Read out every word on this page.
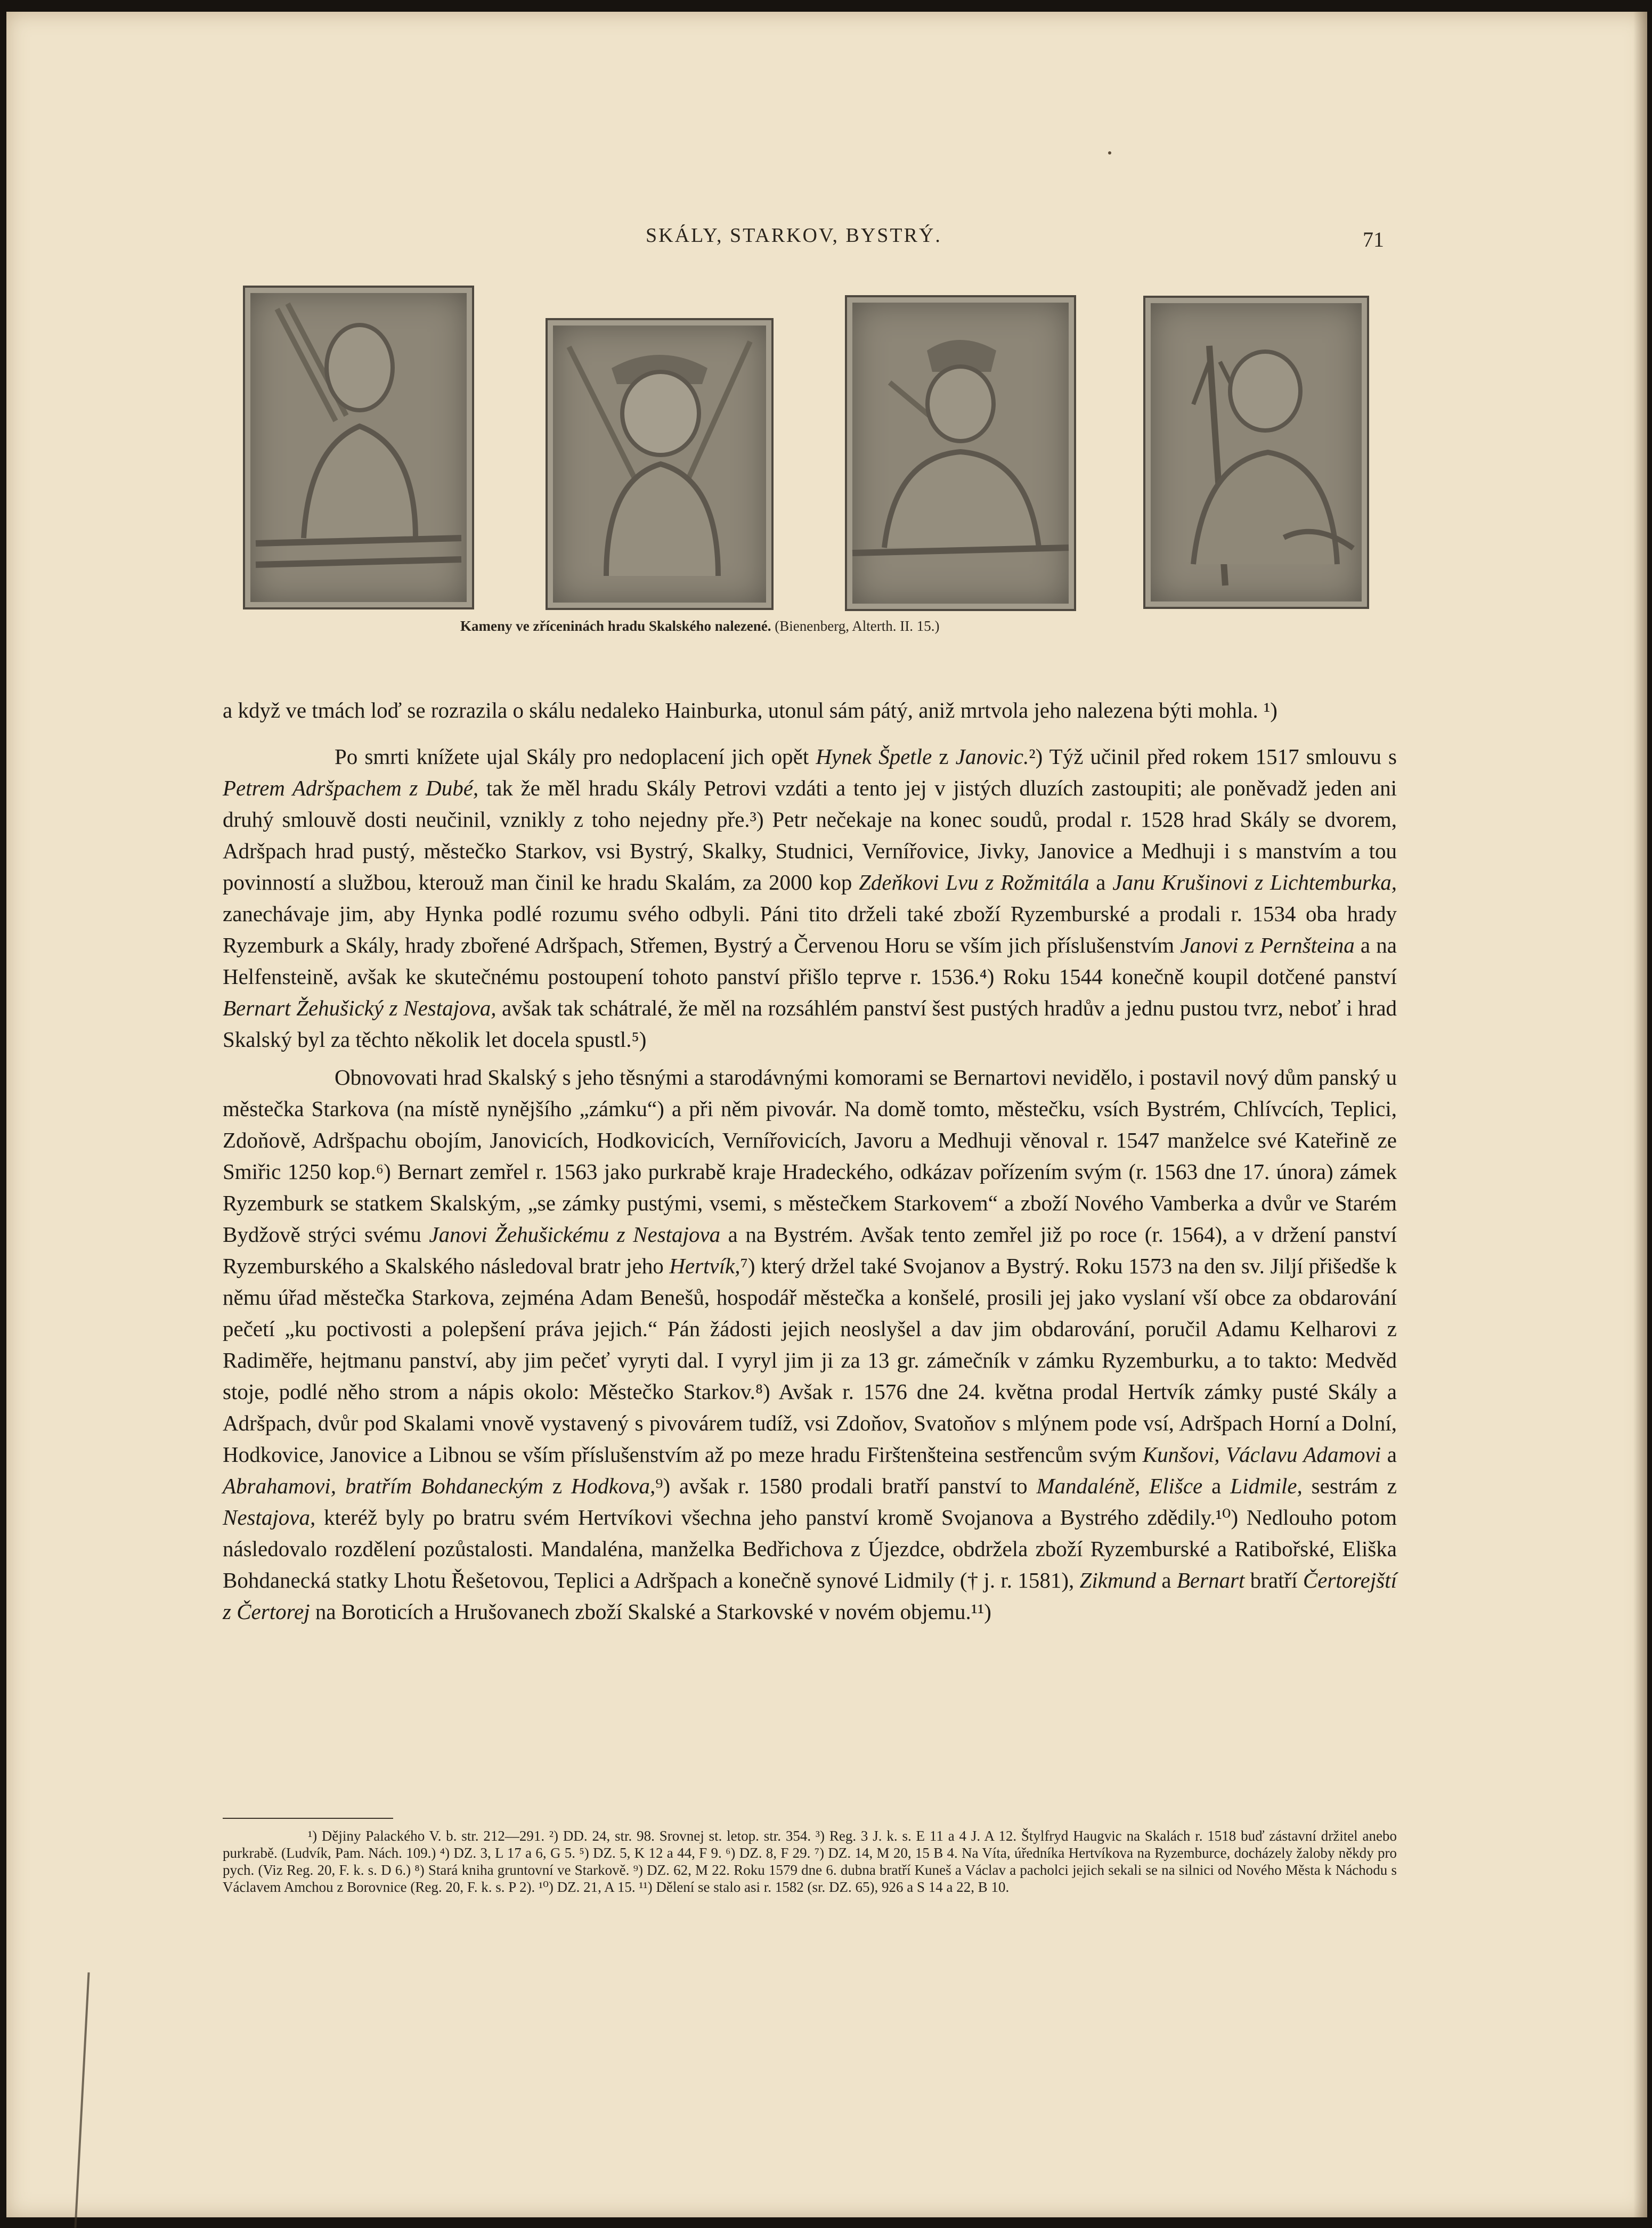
SKÁLY, STARKOV, BYSTRÝ.	71
Kameny ve zříceninách hradu Skalského nalezené. (Bienenberg, Alterth. II. 15.)

a když ve tmách loď se rozrazila o skálu nedaleko Hainburka, utonul sám pátý, aniž mrtvola jeho nalezena býti mohla. ¹)

Po smrti knížete ujal Skály pro nedoplacení jich opět Hynek Špetle z Janovic.²) Týž učinil před rokem 1517 smlouvu s Petrem Adršpachem z Dubé, tak že měl hradu Skály Petrovi vzdáti a tento jej v jistých dluzích zastoupiti; ale poněvadž jeden ani druhý smlouvě dosti neučinil, vznikly z toho nejedny pře.³) Petr nečekaje na konec soudů, prodal r. 1528 hrad Skály se dvorem, Adršpach hrad pustý, městečko Starkov, vsi Bystrý, Skalky, Studnici, Vernířovice, Jivky, Janovice a Medhuji i s manstvím a tou povinností a službou, kterouž man činil ke hradu Skalám, za 2000 kop Zdeňkovi Lvu z Rožmitála a Janu Krušinovi z Lichtemburka, zanechávaje jim, aby Hynka podlé rozumu svého odbyli. Páni tito drželi také zboží Ryzemburské a prodali r. 1534 oba hrady Ryzemburk a Skály, hrady zbořené Adršpach, Střemen, Bystrý a Červenou Horu se vším jich příslušenstvím Janovi z Pernšteina a na Helfensteině, avšak ke skutečnému postoupení tohoto panství přišlo teprve r. 1536.⁴) Roku 1544 konečně koupil dotčené panství Bernart Žehušický z Nestajova, avšak tak schátralé, že měl na rozsáhlém panství šest pustých hradův a jednu pustou tvrz, neboť i hrad Skalský byl za těchto několik let docela spustl.⁵)

Obnovovati hrad Skalský s jeho těsnými a starodávnými komorami se Bernartovi nevidělo, i postavil nový dům panský u městečka Starkova (na místě nynějšího „zámku“) a při něm pivovár. Na domě tomto, městečku, vsích Bystrém, Chlívcích, Teplici, Zdoňově, Adršpachu obojím, Janovicích, Hodkovicích, Vernířovicích, Javoru a Medhuji věnoval r. 1547 manželce své Kateřině ze Smiřic 1250 kop.⁶) Bernart zemřel r. 1563 jako purkrabě kraje Hradeckého, odkázav pořízením svým (r. 1563 dne 17. února) zámek Ryzemburk se statkem Skalským, „se zámky pustými, vsemi, s městečkem Starkovem“ a zboží Nového Vamberka a dvůr ve Starém Bydžově strýci svému Janovi Žehušickému z Nestajova a na Bystrém. Avšak tento zemřel již po roce (r. 1564), a v držení panství Ryzemburského a Skalského následoval bratr jeho Hertvík,⁷) který držel také Svojanov a Bystrý. Roku 1573 na den sv. Jiljí přišedše k němu úřad městečka Starkova, zejména Adam Benešů, hospodář městečka a konšelé, prosili jej jako vyslaní vší obce za obdarování pečetí „ku poctivosti a polepšení práva jejich.“ Pán žádosti jejich neoslyšel a dav jim obdarování, poručil Adamu Kelharovi z Radiměře, hejtmanu panství, aby jim pečeť vyryti dal. I vyryl jim ji za 13 gr. zámečník v zámku Ryzemburku, a to takto: Medvěd stoje, podlé něho strom a nápis okolo: Městečko Starkov.⁸) Avšak r. 1576 dne 24. května prodal Hertvík zámky pusté Skály a Adršpach, dvůr pod Skalami vnově vystavený s pivovárem tudíž, vsi Zdoňov, Svatoňov s mlýnem pode vsí, Adršpach Horní a Dolní, Hodkovice, Janovice a Libnou se vším příslušenstvím až po meze hradu Firštenšteina sestřencům svým Kunšovi, Václavu Adamovi a Abrahamovi, bratřím Bohdaneckým z Hodkova,⁹) avšak r. 1580 prodali bratří panství to Mandaléně, Elišce a Lidmile, sestrám z Nestajova, kteréž byly po bratru svém Hertvíkovi všechna jeho panství kromě Svojanova a Bystrého zdědily.¹⁰) Nedlouho potom následovalo rozdělení pozůstalosti. Mandaléna, manželka Bedřichova z Újezdce, obdržela zboží Ryzemburské a Ratibořské, Eliška Bohdanecká statky Lhotu Řešetovou, Teplici a Adršpach a konečně synové Lidmily († j. r. 1581), Zikmund a Bernart bratří Čertorejští z Čertorej na Boroticích a Hrušovanech zboží Skalské a Starkovské v novém objemu.¹¹)

¹) Dějiny Palackého V. b. str. 212—291. ²) DD. 24, str. 98. Srovnej st. letop. str. 354. ³) Reg. 3 J. k. s. E 11 a 4 J. A 12. Štylfryd Haugvic na Skalách r. 1518 buď zástavní držitel anebo purkrabě. (Ludvík, Pam. Nách. 109.) ⁴) DZ. 3, L 17 a 6, G 5. ⁵) DZ. 5, K 12 a 44, F 9. ⁶) DZ. 8, F 29. ⁷) DZ. 14, M 20, 15 B 4. Na Víta, úředníka Hertvíkova na Ryzemburce, docházely žaloby někdy pro pych. (Viz Reg. 20, F. k. s. D 6.) ⁸) Stará kniha gruntovní ve Starkově. ⁹) DZ. 62, M 22. Roku 1579 dne 6. dubna bratří Kuneš a Václav a pacholci jejich sekali se na silnici od Nového Města k Náchodu s Václavem Amchou z Borovnice (Reg. 20, F. k. s. P 2). ¹⁰) DZ. 21, A 15. ¹¹) Dělení se stalo asi r. 1582 (sr. DZ. 65), 926 a S 14 a 22, B 10.
